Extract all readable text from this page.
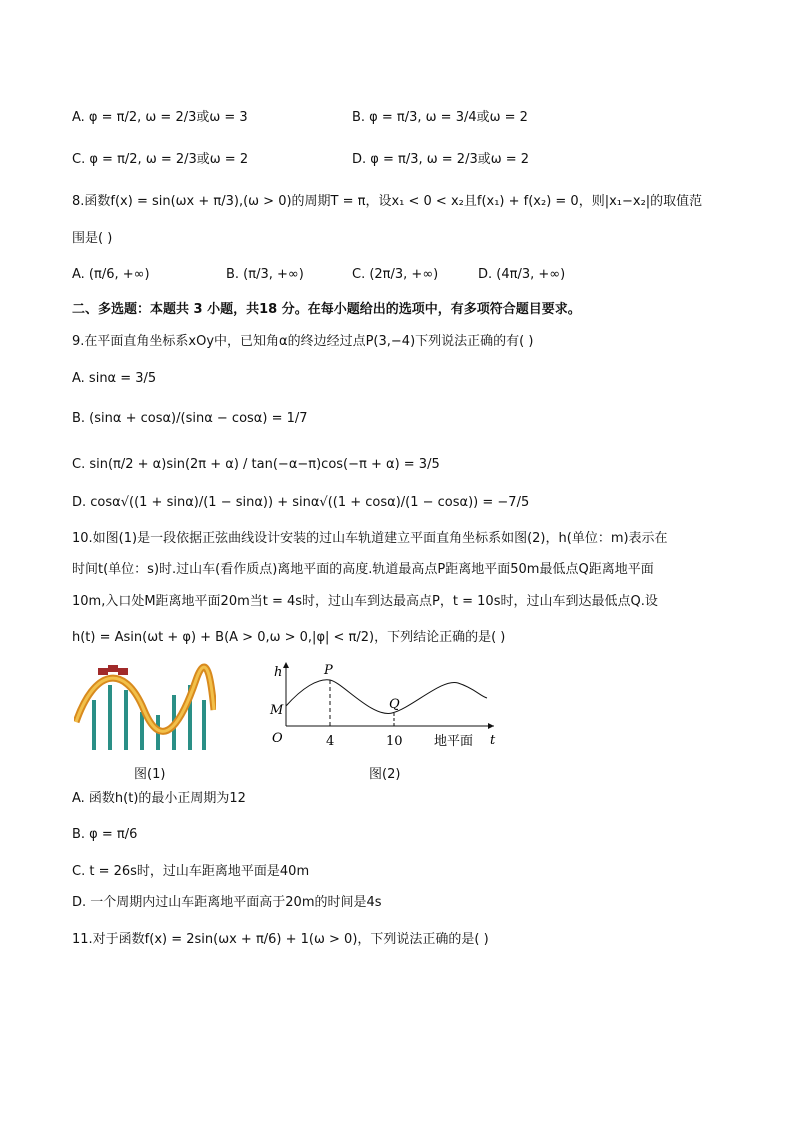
A. φ = π/2, ω = 2/3或ω = 3	B. φ = π/3, ω = 3/4或ω = 2
C. φ = π/2, ω = 2/3或ω = 2	D. φ = π/3, ω = 2/3或ω = 2
8.函数f(x) = sin(ωx + π/3),(ω > 0)的周期T = π，设x₁ < 0 < x₂且f(x₁) + f(x₂) = 0，则|x₁−x₂|的取值范
围是( )
A. (π/6, +∞)	B. (π/3, +∞)	C. (2π/3, +∞)	D. (4π/3, +∞)
二、多选题：本题共 3 小题，共18 分。在每小题给出的选项中，有多项符合题目要求。
9.在平面直角坐标系xOy中，已知角α的终边经过点P(3,−4)下列说法正确的有( )
A. sinα = 3/5
B. (sinα + cosα)/(sinα − cosα) = 1/7
C. sin(π/2 + α)sin(2π + α) / tan(−α−π)cos(−π + α) = 3/5
D. cosα√((1 + sinα)/(1 − sinα)) + sinα√((1 + cosα)/(1 − cosα)) = −7/5
10.如图(1)是一段依据正弦曲线设计安装的过山车轨道建立平面直角坐标系如图(2)，h(单位：m)表示在
时间t(单位：s)时.过山车(看作质点)离地平面的高度.轨道最高点P距离地平面50m最低点Q距离地平面
10m,入口处M距离地平面20m当t = 4s时，过山车到达最高点P，t = 10s时，过山车到达最低点Q.设
h(t) = Asin(ωt + φ) + B(A > 0,ω > 0,|φ| < π/2)，下列结论正确的是( )
图(1)
h	P
Q
M
O	4	10 地平面 t
图(2)
A. 函数h(t)的最小正周期为12
B. φ = π/6
C. t = 26s时，过山车距离地平面是40m
D. 一个周期内过山车距离地平面高于20m的时间是4s
11.对于函数f(x) = 2sin(ωx + π/6) + 1(ω > 0)，下列说法正确的是( )
